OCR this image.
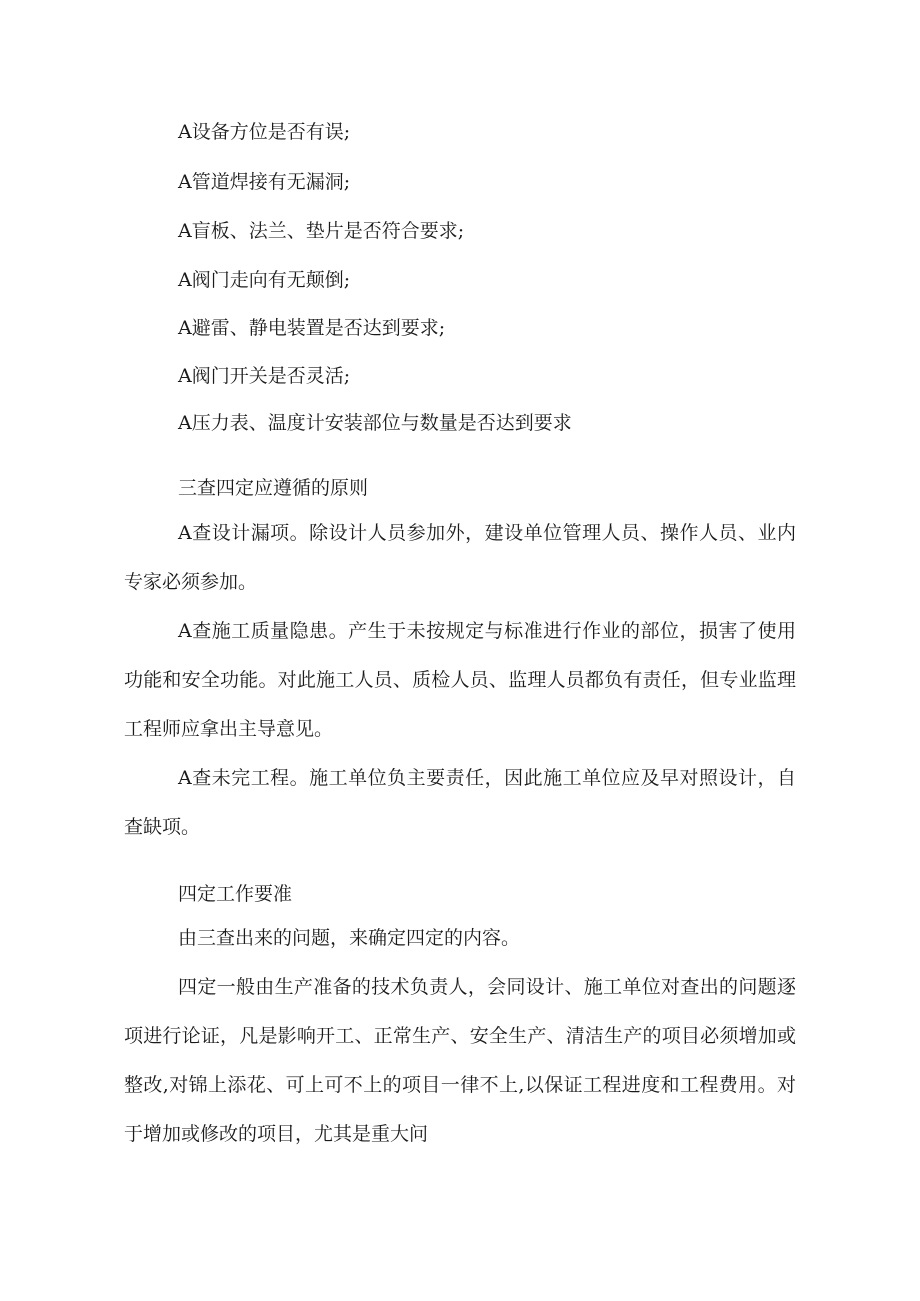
A设备方位是否有误;
A管道焊接有无漏洞;
A盲板、法兰、垫片是否符合要求;
A阀门走向有无颠倒;
A避雷、静电装置是否达到要求;
A阀门开关是否灵活;
A压力表、温度计安装部位与数量是否达到要求
三查四定应遵循的原则
A查设计漏项。除设计人员参加外，建设单位管理人员、操作人员、业内专家必须参加。
A查施工质量隐患。产生于未按规定与标准进行作业的部位，损害了使用功能和安全功能。对此施工人员、质检人员、监理人员都负有责任，但专业监理工程师应拿出主导意见。
A查未完工程。施工单位负主要责任，因此施工单位应及早对照设计，自查缺项。
四定工作要准
由三查出来的问题，来确定四定的内容。
四定一般由生产准备的技术负责人，会同设计、施工单位对查出的问题逐项进行论证，凡是影响开工、正常生产、安全生产、清洁生产的项目必须增加或整改,对锦上添花、可上可不上的项目一律不上,以保证工程进度和工程费用。对于增加或修改的项目，尤其是重大问
